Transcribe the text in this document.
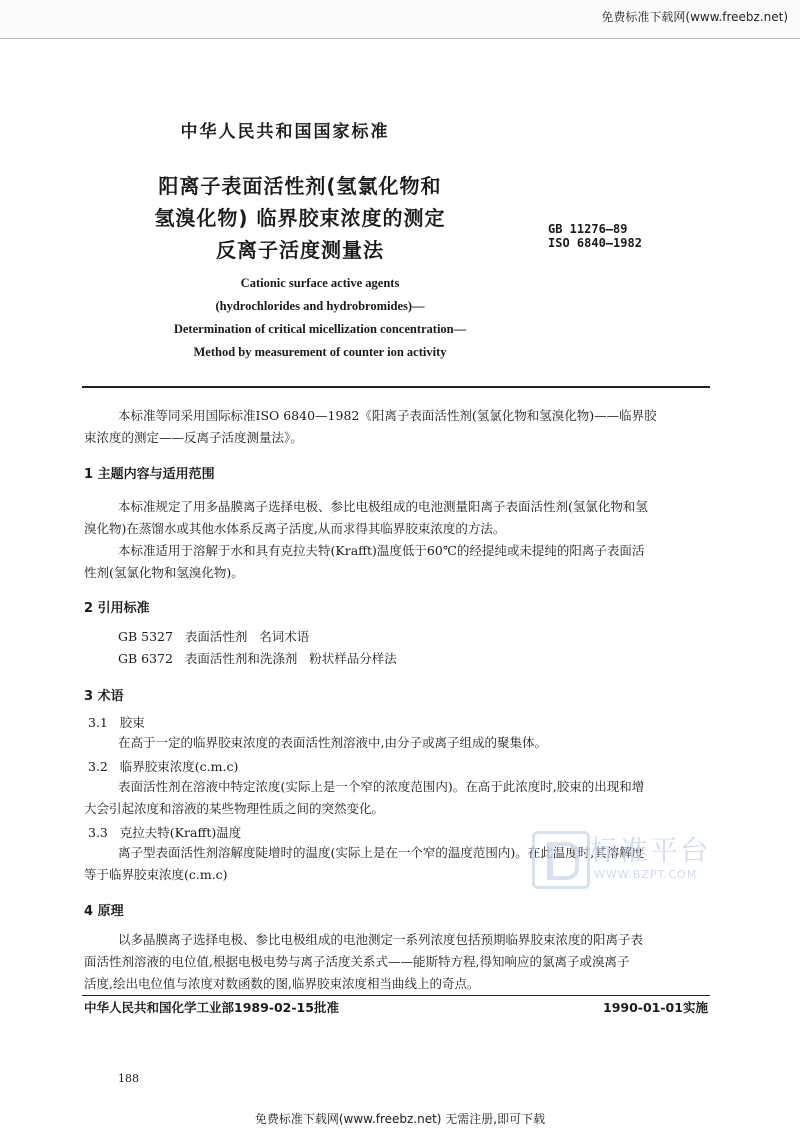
免费标准下载网(www.freebz.net)
中华人民共和国国家标准
阳离子表面活性剂(氢氯化物和
氢溴化物) 临界胶束浓度的测定
反离子活度测量法
GB 11276—89
ISO 6840—1982
Cationic surface active agents
(hydrochlorides and hydrobromides)—
Determination of critical micellization concentration—
Method by measurement of counter ion activity
本标准等同采用国际标准ISO 6840—1982《阳离子表面活性剂(氢氯化物和氢溴化物)——临界胶
束浓度的测定——反离子活度测量法》。
1 主题内容与适用范围
本标准规定了用多晶膜离子选择电极、参比电极组成的电池测量阳离子表面活性剂(氢氯化物和氢
溴化物)在蒸馏水或其他水体系反离子活度,从而求得其临界胶束浓度的方法。
本标准适用于溶解于水和具有克拉夫特(Krafft)温度低于60℃的经提纯或未提纯的阳离子表面活
性剂(氢氯化物和氢溴化物)。
2 引用标准
GB 5327   表面活性剂   名词术语
GB 6372   表面活性剂和洗涤剂   粉状样品分样法
3 术语
3.1   胶束
在高于一定的临界胶束浓度的表面活性剂溶液中,由分子或离子组成的聚集体。
3.2   临界胶束浓度(c.m.c)
表面活性剂在溶液中特定浓度(实际上是一个窄的浓度范围内)。在高于此浓度时,胶束的出现和增
大会引起浓度和溶液的某些物理性质之间的突然变化。
3.3   克拉夫特(Krafft)温度
离子型表面活性剂溶解度陡增时的温度(实际上是在一个窄的温度范围内)。在此温度时,其溶解度
等于临界胶束浓度(c.m.c)
4 原理
以多晶膜离子选择电极、参比电极组成的电池测定一系列浓度包括预期临界胶束浓度的阳离子表
面活性剂溶液的电位值,根据电极电势与离子活度关系式——能斯特方程,得知响应的氯离子或溴离子
活度,绘出电位值与浓度对数函数的图,临界胶束浓度相当曲线上的奇点。
中华人民共和国化学工业部1989-02-15批准	1990-01-01实施
标准平台
WWW.BZPT.COM
188
免费标准下载网(www.freebz.net) 无需注册,即可下载
